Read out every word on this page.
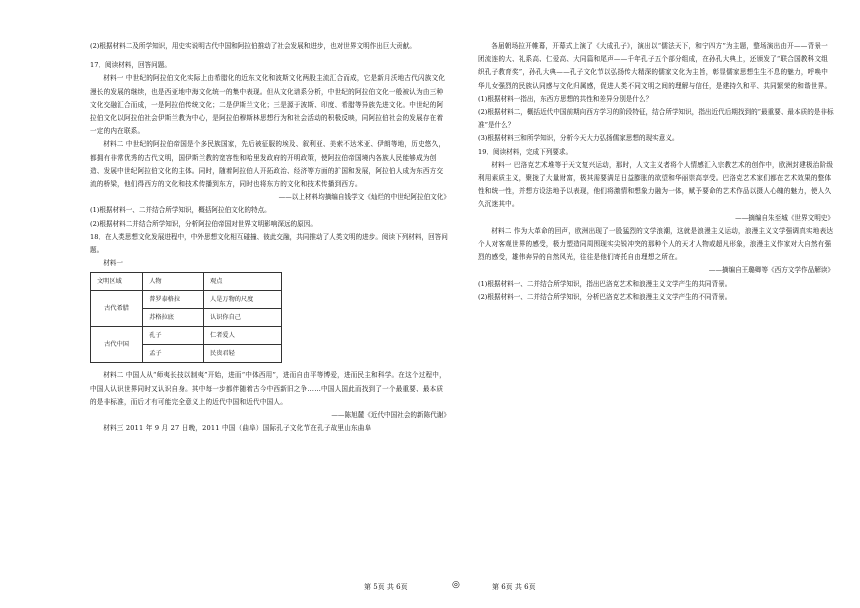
(2)根据材料二及所学知识，用史实说明古代中国和阿拉伯推动了社会发展和进步，也对世界文明作出巨大贡献。

17．阅读材料，回答问题。

材料一 中世纪的阿拉伯文化实际上由希腊化的近东文化和波斯文化两股主流汇合而成，它是新月沃地古代闪族文化漫长的发展的继续，也是西亚地中海文化统一的集中表现。但从文化谱系分析，中世纪的阿拉伯文化一般被认为由三种文化交融汇合而成，一是阿拉伯传统文化；二是伊斯兰文化；三是源于波斯、印度、希腊等异族先进文化。中世纪的阿拉伯文化以阿拉伯社会伊斯兰教为中心，是阿拉伯穆斯林思想行为和社会活动的积极反映，同阿拉伯社会的发展存在着一定的内在联系。

材料二 中世纪的阿拉伯帝国是个多民族国家，先后被征服的埃及、叙利亚、美索不达米亚、伊朗等地，历史悠久，都拥有非常优秀的古代文明，国伊斯兰教的宽容性和哈里发政府的开明政策，使阿拉伯帝国境内各族人民能够成为创造、发展中世纪阿拉伯文化的主体。同时，随着阿拉伯人开拓政治、经济等方面的扩国和发展，阿拉伯人成为东西方交流的桥梁，他们得西方的文化和技术传播到东方，同时也将东方的文化和技术传播到西方。

——以上材料均摘编自钱学文《灿烂的中世纪阿拉伯文化》

(1)根据材料一、二并结合所学知识，概括阿拉伯文化的特点。

(2)根据材料二并结合所学知识，分析阿拉伯帝国对世界文明影响深远的原因。

18．在人类思想文化发展进程中，中外思想文化相互碰撞、彼此交融，共同推动了人类文明的进步。阅读下列材料，回答问题。

材料一

文明区域	人物	观点
古代希腊	普罗泰格拉	人是万物的尺度
	苏格拉底	认识你自己
古代中国	孔子	仁者爱人
	孟子	民贵君轻

材料二 中国人从“师夷长技以制夷”开始，进而“中体西用”，进而自由平等博爱，进而民主和科学。在这个过程中，中国人认识世界同时又认识自身。其中每一步都伴随着古今中西新旧之争……中国人国此而找到了一个最重要、最本质的是非标准，而后才有可能完全意义上的近代中国和近代中国人。

——陈旭麓《近代中国社会的新陈代谢》

材料三 2011 年 9 月 27 日晚，2011 中国（曲阜）国际孔子文化节在孔子故里山东曲阜

各届朝场拉开帷幕，开幕式上演了《大成孔子》，演出以“儒法天下，和宁四方”为主题，整场演出由开——背景一团流连的大、礼系高、仁爱高、大同篇和尾声——千年孔子五个部分组成，在孙孔大典上，还颁发了“联合国教科文组织孔子教育奖”，孙孔大典——孔子文化节以弘扬传大精深的儒家文化为主旨，彰显儒家思想生生不息的魅力，呼唤中华儿女强烈的民族认同感与文化归属感，促进人类不同文明之间的理解与信任，是建持久和平、共同繁荣的和谐世界。

(1)根据材料一指出，东西方思想的共性和差异分别是什么？

(2)根据材料二，概括近代中国前期向西方学习的阶段特征，结合所学知识，指出近代后期找到的“最重要、最本质的是非标准”是什么？

(3)根据材料三和所学知识，分析今天大力弘扬儒家思想的现实意义。

19．阅读材料，完成下列要求。

材料一 巴洛克艺术堆等于天文复兴运动，那时，人文主义者将个人情感汇入宗教艺术的创作中，欧洲封建极治阶级利用素质主义，聚拢了大量财富，极其需要满足日益膨胀的欲望和华丽崇高享受。巴洛克艺术家们都在艺术效果的整体性和统一性，并想方设法地予以表现，他们将激情和想象力融为一体，赋予要命的艺术作品以摄人心魄的魅力，使人久久沉迷其中。

——摘编自朱至城《世界文明史》

材料二 作为大革命的回声，欧洲出现了一股猛烈的文学浪潮，这就是浪漫主义运动，浪漫主义文学强调真实地表达个人对客观世界的感受，极力塑造同周围现实尖锐冲突的那种个人的天才人物或超凡形象，浪漫主义作家对大自然有强烈的感受，雄伟奔异的自然风光，往往是他们寄托自由理想之所在。

——摘编自王璐卿等《西方文学作品解读》

(1)根据材料一、二并结合所学知识，指出巴洛克艺术和浪漫主义文学产生的共同背景。

(2)根据材料一、二并结合所学知识，分析巴洛克艺术和浪漫主义文学产生的不同背景。

第 5页 共 6页	◎	第 6页 共 6页
